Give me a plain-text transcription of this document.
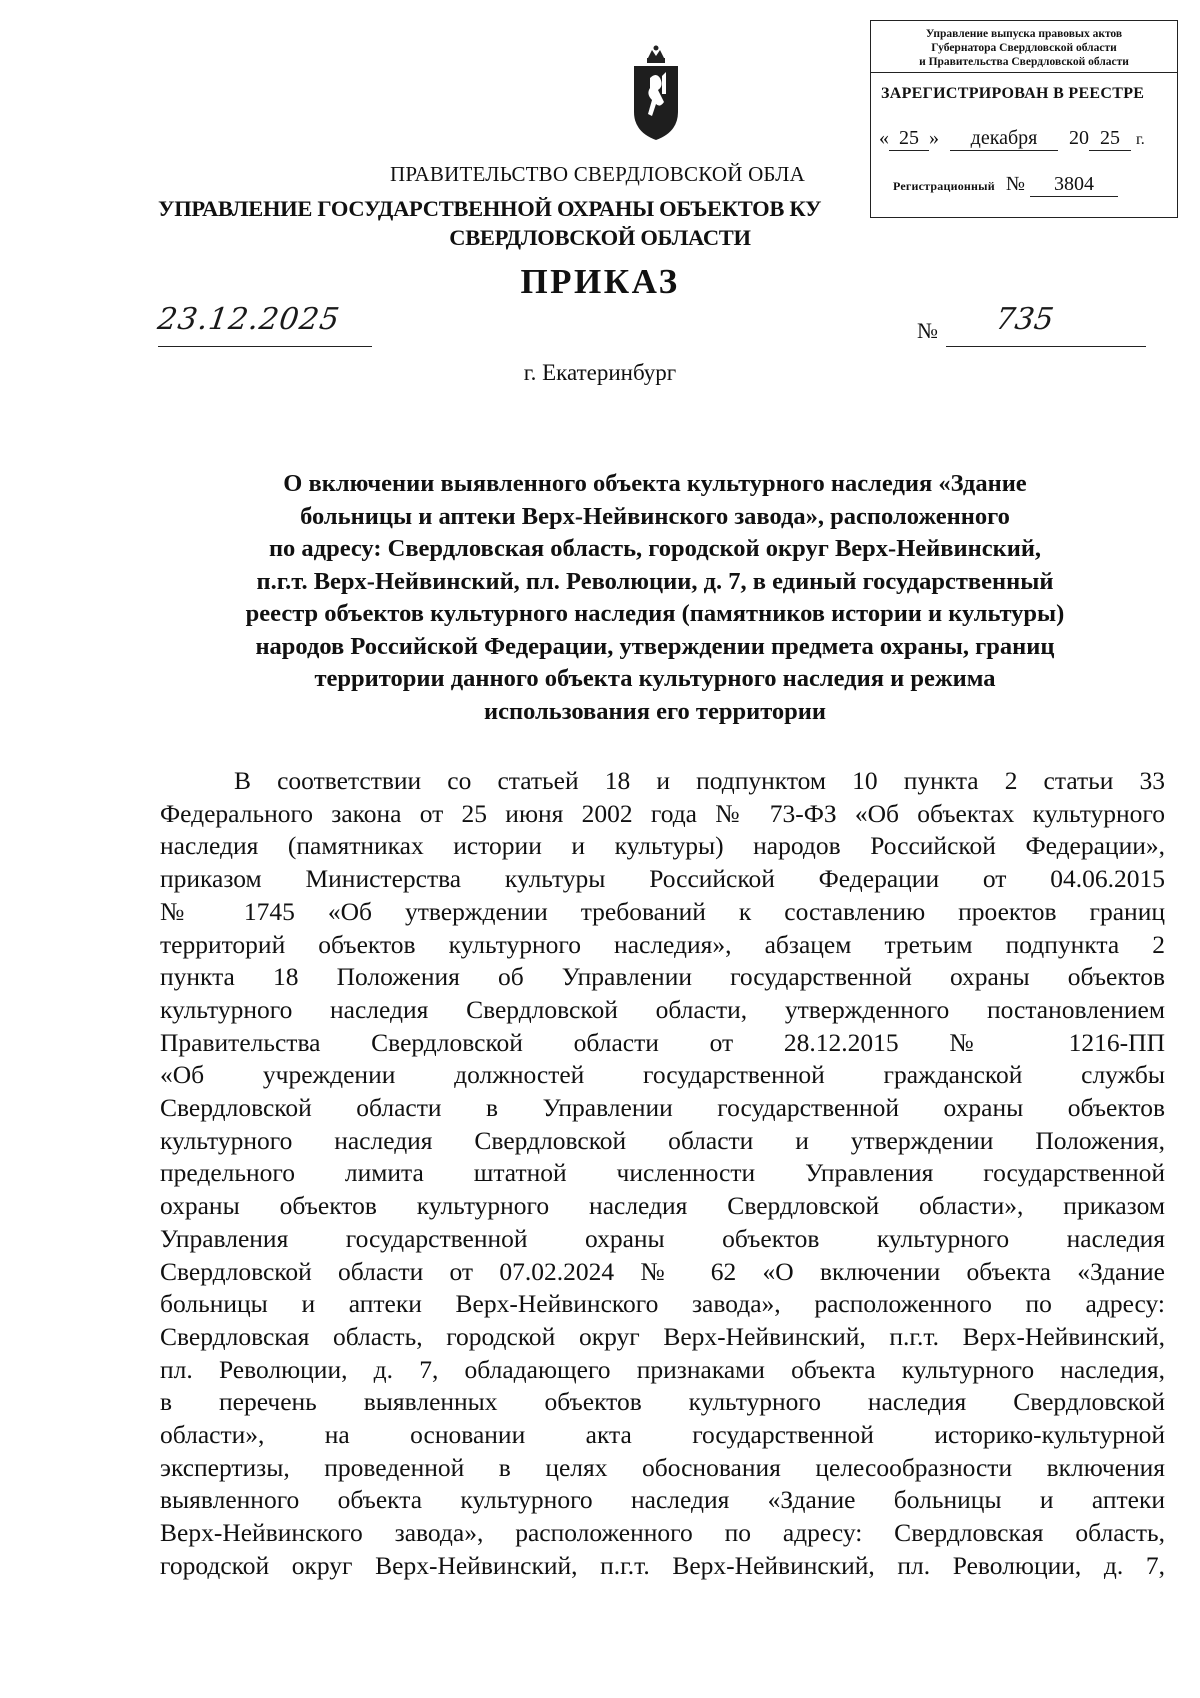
ПРАВИТЕЛЬСТВО СВЕРДЛОВСКОЙ ОБЛА
УПРАВЛЕНИЕ ГОСУДАРСТВЕННОЙ ОХРАНЫ ОБЪЕКТОВ КУ
СВЕРДЛОВСКОЙ ОБЛАСТИ
Управление выпуска правовых актов
Губернатора Свердловской области
и Правительства Свердловской области
ЗАРЕГИСТРИРОВАН В РЕЕСТРЕ
« 25 » декабря 20 25 г.
Регистрационный № 3804
ПРИКАЗ
23.12.2025	№ 735
г. Екатеринбург
О включении выявленного объекта культурного наследия «Здание
больницы и аптеки Верх-Нейвинского завода», расположенного
по адресу: Свердловская область, городской округ Верх-Нейвинский,
п.г.т. Верх-Нейвинский, пл. Революции, д. 7, в единый государственный
реестр объектов культурного наследия (памятников истории и культуры)
народов Российской Федерации, утверждении предмета охраны, границ
территории данного объекта культурного наследия и режима
использования его территории
В соответствии со статьей 18 и подпунктом 10 пункта 2 статьи 33
Федерального закона от 25 июня 2002 года № 73-ФЗ «Об объектах культурного
наследия (памятниках истории и культуры) народов Российской Федерации»,
приказом Министерства культуры Российской Федерации от 04.06.2015
№ 1745 «Об утверждении требований к составлению проектов границ
территорий объектов культурного наследия», абзацем третьим подпункта 2
пункта 18 Положения об Управлении государственной охраны объектов
культурного наследия Свердловской области, утвержденного постановлением
Правительства Свердловской области от 28.12.2015 № 1216-ПП
«Об учреждении должностей государственной гражданской службы
Свердловской области в Управлении государственной охраны объектов
культурного наследия Свердловской области и утверждении Положения,
предельного лимита штатной численности Управления государственной
охраны объектов культурного наследия Свердловской области», приказом
Управления государственной охраны объектов культурного наследия
Свердловской области от 07.02.2024 № 62 «О включении объекта «Здание
больницы и аптеки Верх-Нейвинского завода», расположенного по адресу:
Свердловская область, городской округ Верх-Нейвинский, п.г.т. Верх-Нейвинский,
пл. Революции, д. 7, обладающего признаками объекта культурного наследия,
в перечень выявленных объектов культурного наследия Свердловской
области», на основании акта государственной историко-культурной
экспертизы, проведенной в целях обоснования целесообразности включения
выявленного объекта культурного наследия «Здание больницы и аптеки
Верх-Нейвинского завода», расположенного по адресу: Свердловская область,
городской округ Верх-Нейвинский, п.г.т. Верх-Нейвинский, пл. Революции, д. 7,
